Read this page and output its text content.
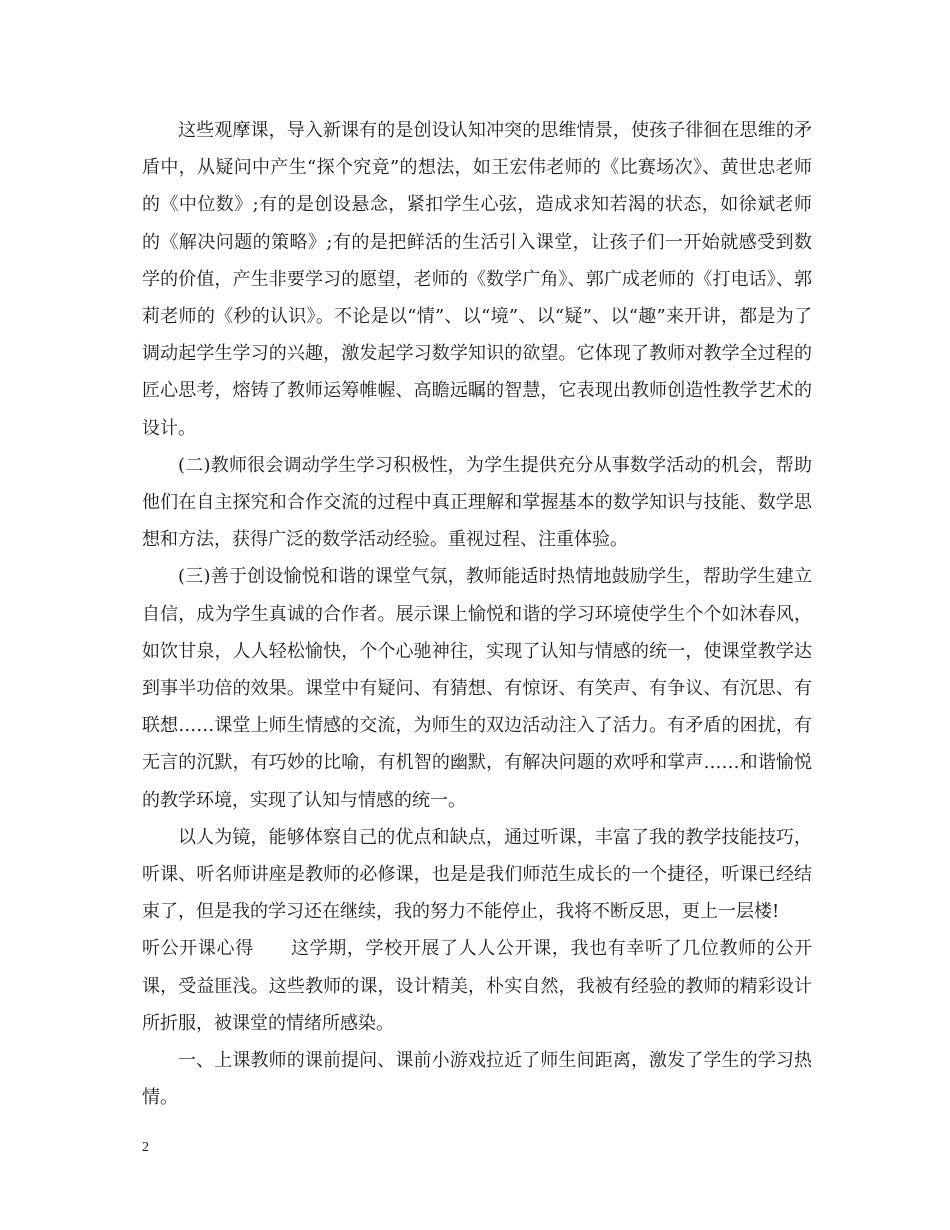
这些观摩课，导入新课有的是创设认知冲突的思维情景，使孩子徘徊在思维的矛盾中，从疑问中产生“探个究竟”的想法，如王宏伟老师的《比赛场次》、黄世忠老师的《中位数》;有的是创设悬念，紧扣学生心弦，造成求知若渴的状态，如徐斌老师的《解决问题的策略》;有的是把鲜活的生活引入课堂，让孩子们一开始就感受到数学的价值，产生非要学习的愿望，老师的《数学广角》、郭广成老师的《打电话》、郭莉老师的《秒的认识》。不论是以“情”、以“境”、以“疑”、以“趣”来开讲，都是为了调动起学生学习的兴趣，激发起学习数学知识的欲望。它体现了教师对教学全过程的匠心思考，熔铸了教师运筹帷幄、高瞻远瞩的智慧，它表现出教师创造性教学艺术的设计。

(二)教师很会调动学生学习积极性，为学生提供充分从事数学活动的机会，帮助他们在自主探究和合作交流的过程中真正理解和掌握基本的数学知识与技能、数学思想和方法，获得广泛的数学活动经验。重视过程、注重体验。

(三)善于创设愉悦和谐的课堂气氛，教师能适时热情地鼓励学生，帮助学生建立自信，成为学生真诚的合作者。展示课上愉悦和谐的学习环境使学生个个如沐春风，如饮甘泉，人人轻松愉快，个个心驰神往，实现了认知与情感的统一，使课堂教学达到事半功倍的效果。课堂中有疑问、有猜想、有惊讶、有笑声、有争议、有沉思、有联想……课堂上师生情感的交流，为师生的双边活动注入了活力。有矛盾的困扰，有无言的沉默，有巧妙的比喻，有机智的幽默，有解决问题的欢呼和掌声……和谐愉悦的教学环境，实现了认知与情感的统一。

以人为镜，能够体察自己的优点和缺点，通过听课，丰富了我的教学技能技巧，听课、听名师讲座是教师的必修课，也是是我们师范生成长的一个捷径，听课已经结束了，但是我的学习还在继续，我的努力不能停止，我将不断反思，更上一层楼!

听公开课心得　　这学期，学校开展了人人公开课，我也有幸听了几位教师的公开课，受益匪浅。这些教师的课，设计精美，朴实自然，我被有经验的教师的精彩设计所折服，被课堂的情绪所感染。

一、上课教师的课前提问、课前小游戏拉近了师生间距离，激发了学生的学习热情。

2
